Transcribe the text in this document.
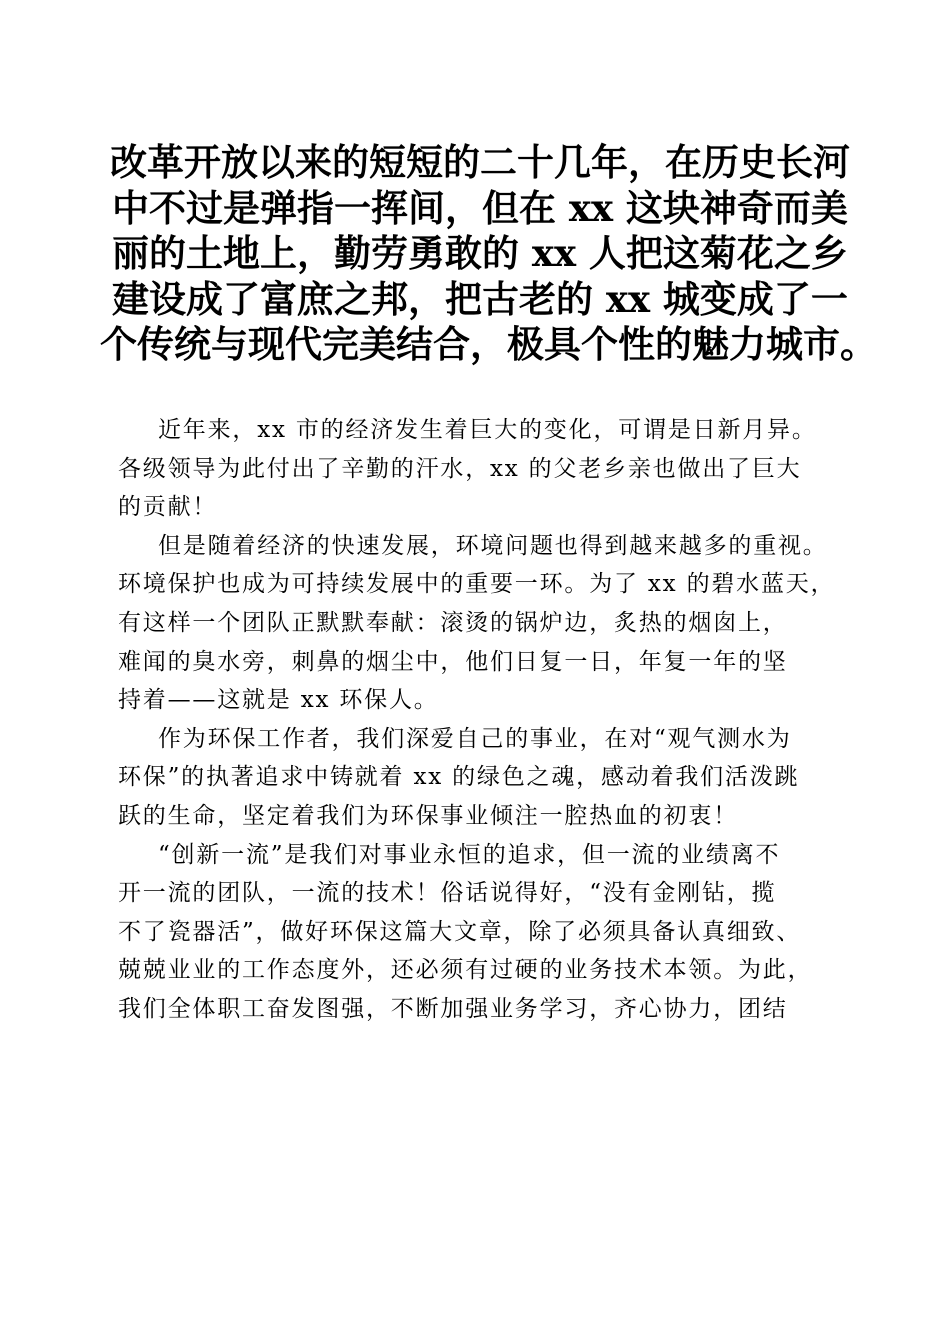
改革开放以来的短短的二十几年，在历史长河
中不过是弹指一挥间，但在 xx 这块神奇而美
丽的土地上，勤劳勇敢的 xx 人把这菊花之乡
建设成了富庶之邦，把古老的 xx 城变成了一
个传统与现代完美结合，极具个性的魅力城市。
近年来，xx 市的经济发生着巨大的变化，可谓是日新月异。
各级领导为此付出了辛勤的汗水，xx 的父老乡亲也做出了巨大
的贡献！
但是随着经济的快速发展，环境问题也得到越来越多的重视。
环境保护也成为可持续发展中的重要一环。为了 xx 的碧水蓝天，
有这样一个团队正默默奉献：滚烫的锅炉边，炙热的烟囱上，
难闻的臭水旁，刺鼻的烟尘中，他们日复一日，年复一年的坚
持着——这就是 xx 环保人。
作为环保工作者，我们深爱自己的事业，在对“观气测水为
环保”的执著追求中铸就着 xx 的绿色之魂，感动着我们活泼跳
跃的生命，坚定着我们为环保事业倾注一腔热血的初衷！
“创新一流”是我们对事业永恒的追求，但一流的业绩离不
开一流的团队，一流的技术！俗话说得好，“没有金刚钻，揽
不了瓷器活”，做好环保这篇大文章，除了必须具备认真细致、
兢兢业业的工作态度外，还必须有过硬的业务技术本领。为此，
我们全体职工奋发图强，不断加强业务学习，齐心协力，团结
